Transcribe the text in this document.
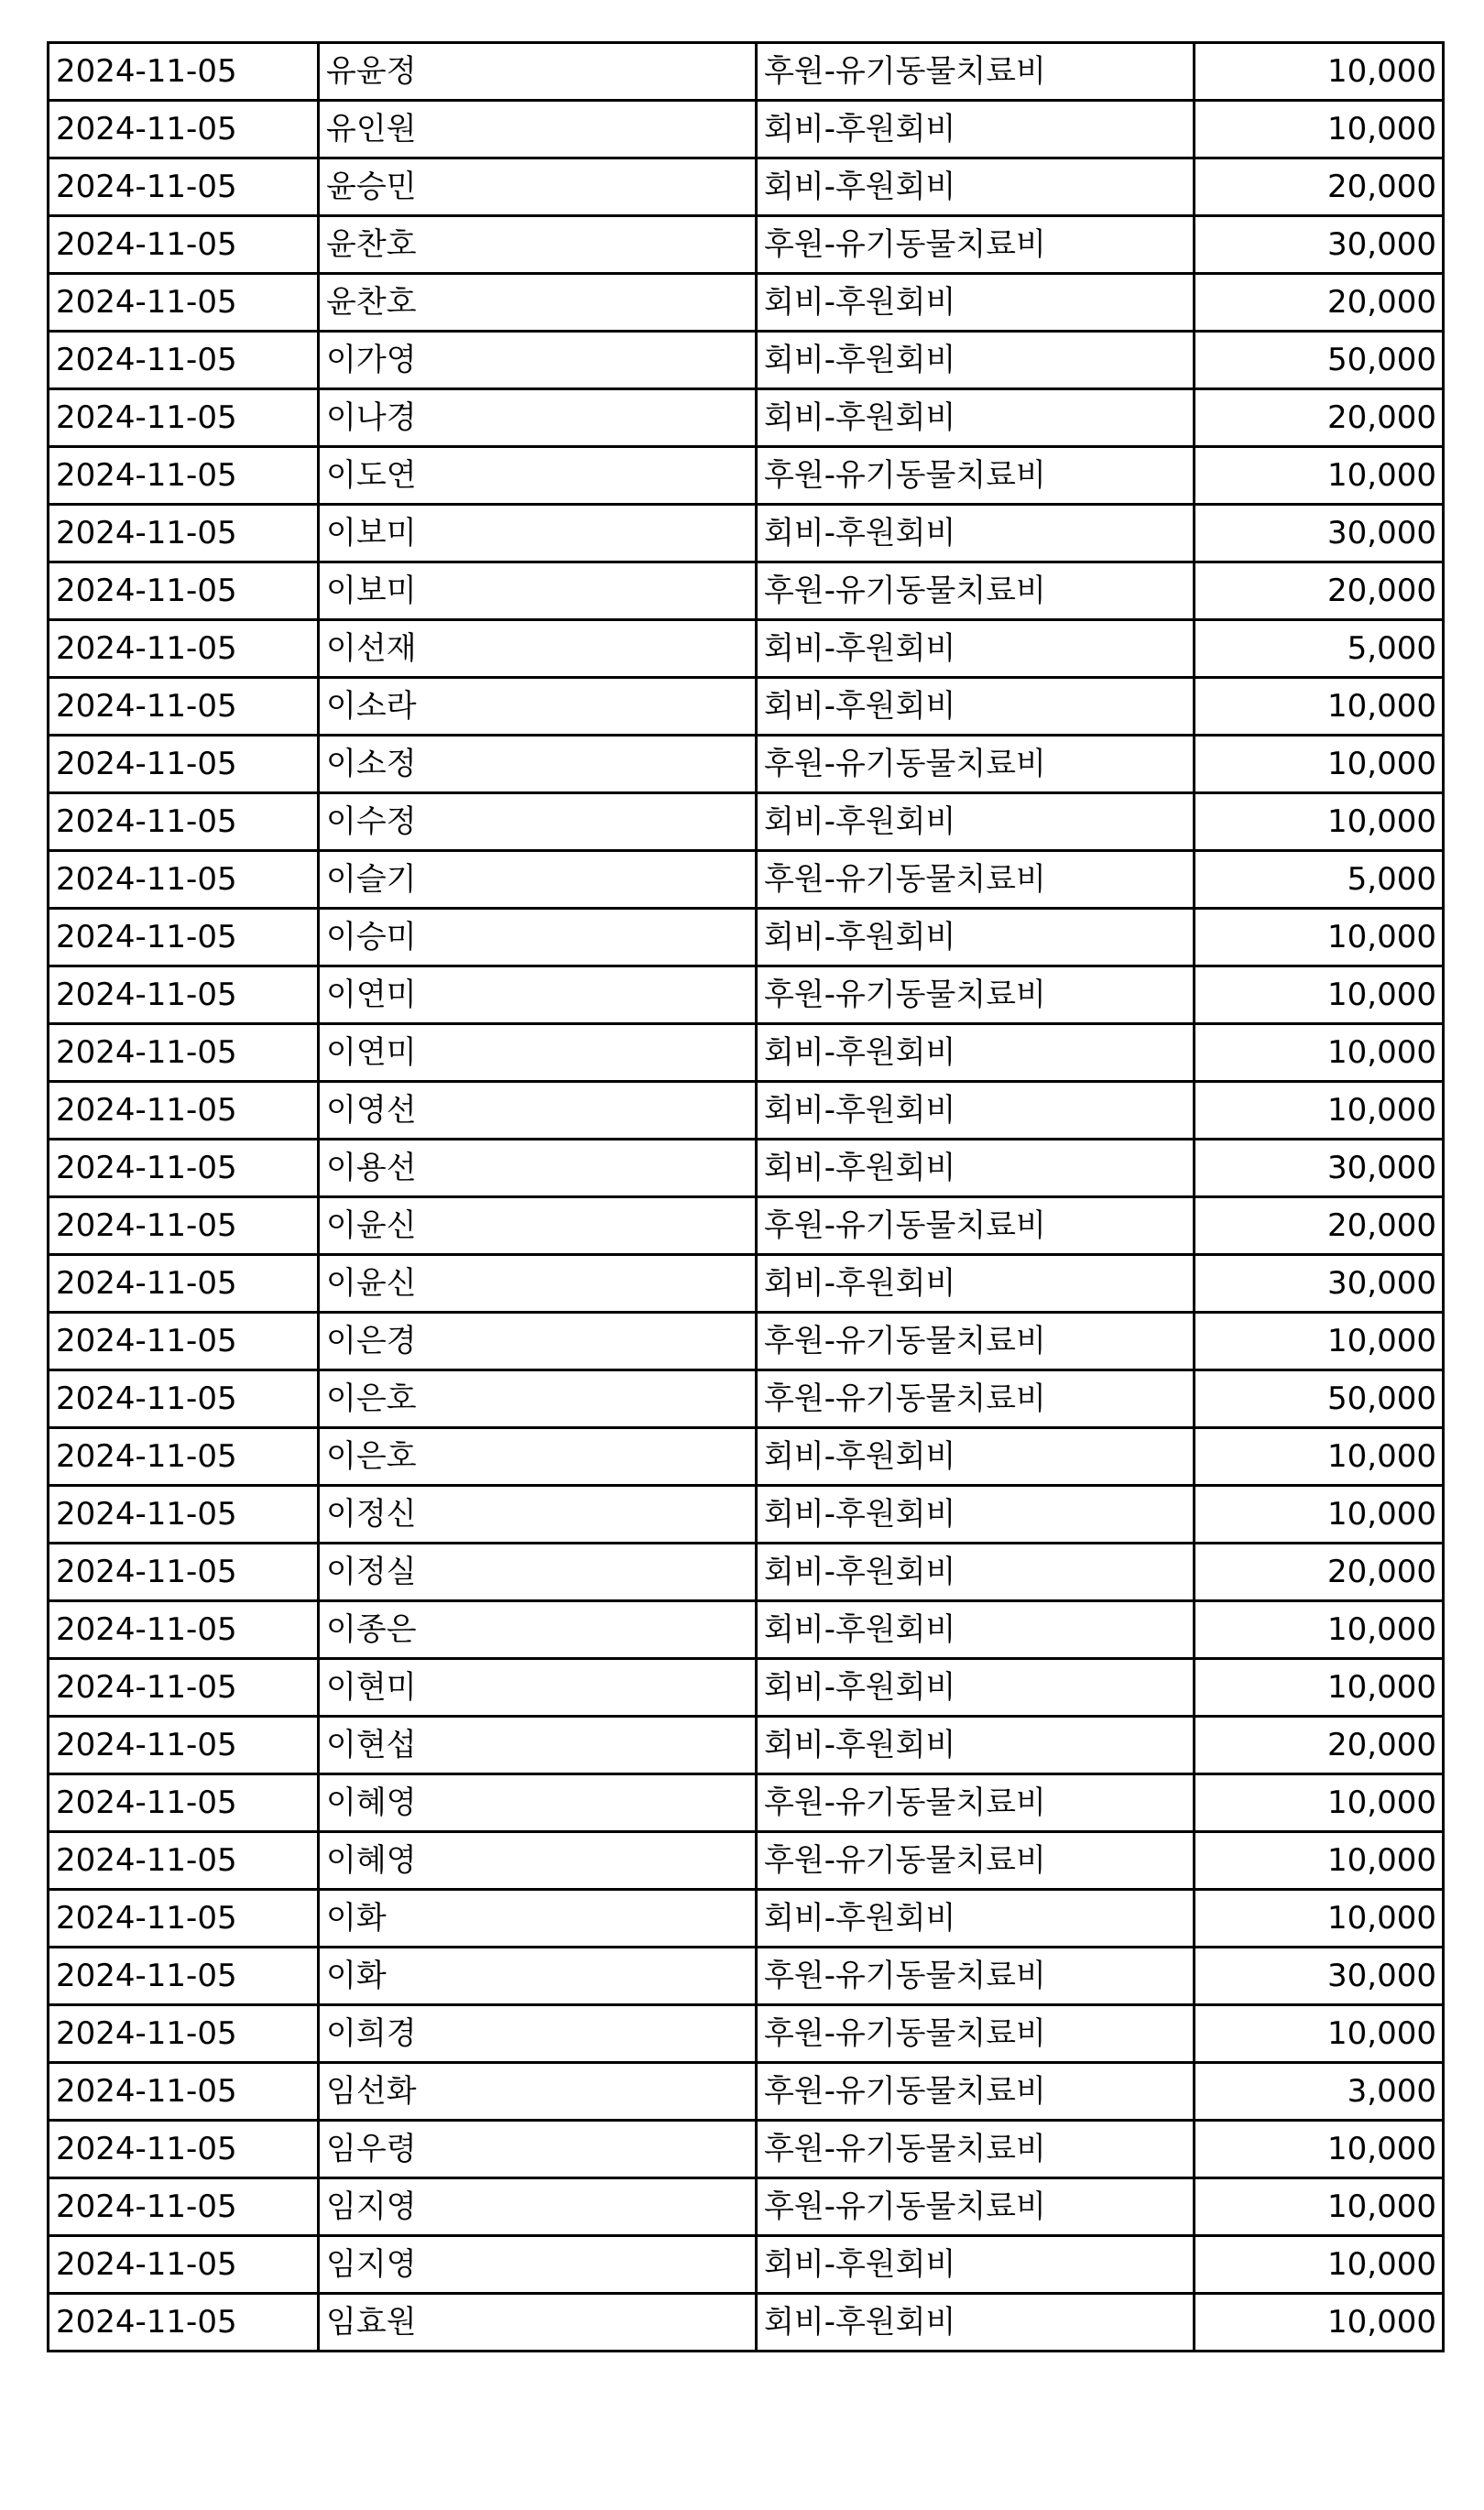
2024-11-05	유윤정	후원-유기동물치료비	10,000
2024-11-05	유인원	회비-후원회비	10,000
2024-11-05	윤승민	회비-후원회비	20,000
2024-11-05	윤찬호	후원-유기동물치료비	30,000
2024-11-05	윤찬호	회비-후원회비	20,000
2024-11-05	이가영	회비-후원회비	50,000
2024-11-05	이나경	회비-후원회비	20,000
2024-11-05	이도연	후원-유기동물치료비	10,000
2024-11-05	이보미	회비-후원회비	30,000
2024-11-05	이보미	후원-유기동물치료비	20,000
2024-11-05	이선재	회비-후원회비	5,000
2024-11-05	이소라	회비-후원회비	10,000
2024-11-05	이소정	후원-유기동물치료비	10,000
2024-11-05	이수정	회비-후원회비	10,000
2024-11-05	이슬기	후원-유기동물치료비	5,000
2024-11-05	이승미	회비-후원회비	10,000
2024-11-05	이연미	후원-유기동물치료비	10,000
2024-11-05	이연미	회비-후원회비	10,000
2024-11-05	이영선	회비-후원회비	10,000
2024-11-05	이용선	회비-후원회비	30,000
2024-11-05	이윤신	후원-유기동물치료비	20,000
2024-11-05	이윤신	회비-후원회비	30,000
2024-11-05	이은경	후원-유기동물치료비	10,000
2024-11-05	이은호	후원-유기동물치료비	50,000
2024-11-05	이은호	회비-후원회비	10,000
2024-11-05	이정신	회비-후원회비	10,000
2024-11-05	이정실	회비-후원회비	20,000
2024-11-05	이종은	회비-후원회비	10,000
2024-11-05	이현미	회비-후원회비	10,000
2024-11-05	이현섭	회비-후원회비	20,000
2024-11-05	이혜영	후원-유기동물치료비	10,000
2024-11-05	이혜영	후원-유기동물치료비	10,000
2024-11-05	이화	회비-후원회비	10,000
2024-11-05	이화	후원-유기동물치료비	30,000
2024-11-05	이희경	후원-유기동물치료비	10,000
2024-11-05	임선화	후원-유기동물치료비	3,000
2024-11-05	임우령	후원-유기동물치료비	10,000
2024-11-05	임지영	후원-유기동물치료비	10,000
2024-11-05	임지영	회비-후원회비	10,000
2024-11-05	임효원	회비-후원회비	10,000
